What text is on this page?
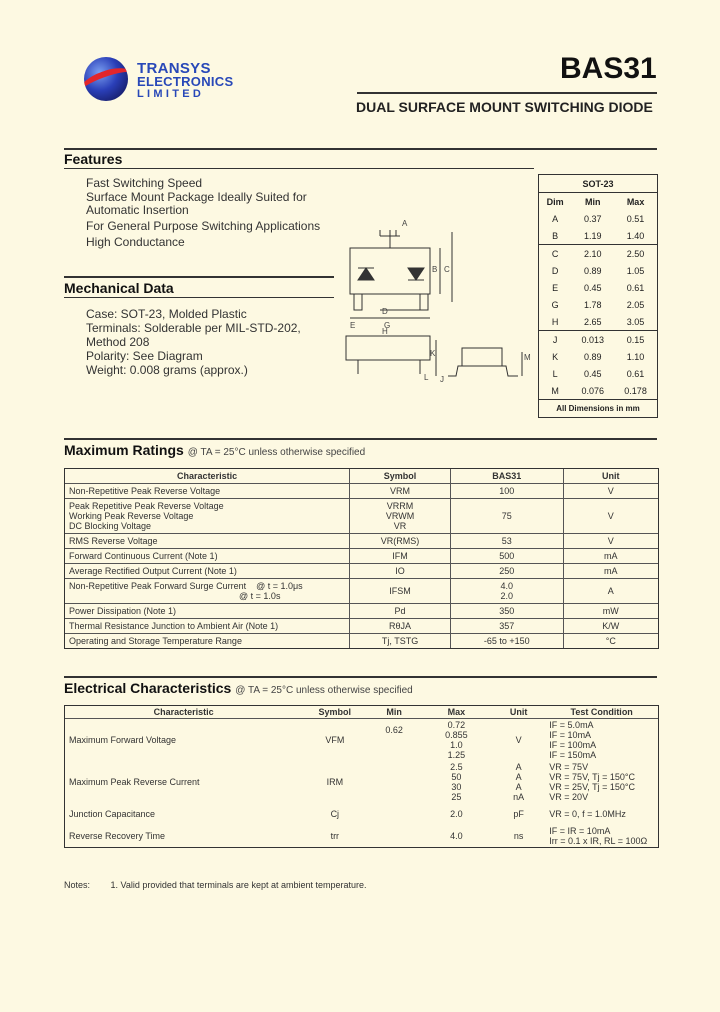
TRANSYS
ELECTRONICS
LIMITED
BAS31
DUAL SURFACE MOUNT SWITCHING DIODE
Features
Fast Switching Speed
Surface Mount Package Ideally Suited for
Automatic Insertion
For General Purpose Switching Applications
High Conductance
Mechanical Data
Case: SOT-23, Molded Plastic
Terminals: Solderable per MIL-STD-202,
Method 208
Polarity: See Diagram
Weight: 0.008 grams (approx.)
A
B C
D
E	G
H
J
K
L
M
SOT-23		
Dim	Min	Max
A	0.37	0.51
B	1.19	1.40
C	2.10	2.50
D	0.89	1.05
E	0.45	0.61
G	1.78	2.05
H	2.65	3.05
J	0.013	0.15
K	0.89	1.10
L	0.45	0.61
M	0.076	0.178
All Dimensions in mm		
Maximum Ratings @ TA = 25°C unless otherwise specified
Characteristic	Symbol	BAS31	Unit

Non-Repetitive Peak Reverse Voltage	VRM	100	V

Peak Repetitive Peak Reverse Voltage
Working Peak Reverse Voltage
DC Blocking Voltage	VRRM
VRWM
VR	75	V

RMS Reverse Voltage	VR(RMS)	53	V

Forward Continuous Current (Note 1)	IFM	500	mA

Average Rectified Output Current (Note 1)	IO	250	mA

Non-Repetitive Peak Forward Surge Current    @ t = 1.0μs
@ t = 1.0s	IFSM	4.0
2.0	A

Power Dissipation (Note 1)	Pd	350	mW

Thermal Resistance Junction to Ambient Air (Note 1)	RθJA	357	K/W

Operating and Storage Temperature Range	Tj, TSTG	-65 to +150	°C
Electrical Characteristics @ TA = 25°C unless otherwise specified
Characteristic	Symbol	Min	Max	Unit	Test Condition
Maximum Forward Voltage	VFM	0.62	0.72
0.855
1.0
1.25	V	IF = 5.0mA
IF = 10mA
IF = 100mA
IF = 150mA

Maximum Peak Reverse Current	IRM		2.5
50
30
25	A
A
A
nA	VR = 75V
VR = 75V, Tj = 150°C
VR = 25V, Tj = 150°C
VR = 20V

Junction Capacitance	Cj		2.0	pF	VR = 0, f = 1.0MHz

Reverse Recovery Time	trr		4.0	ns	IF = IR = 10mA
Irr = 0.1 x IR, RL = 100Ω
Notes: 1. Valid provided that terminals are kept at ambient temperature.
